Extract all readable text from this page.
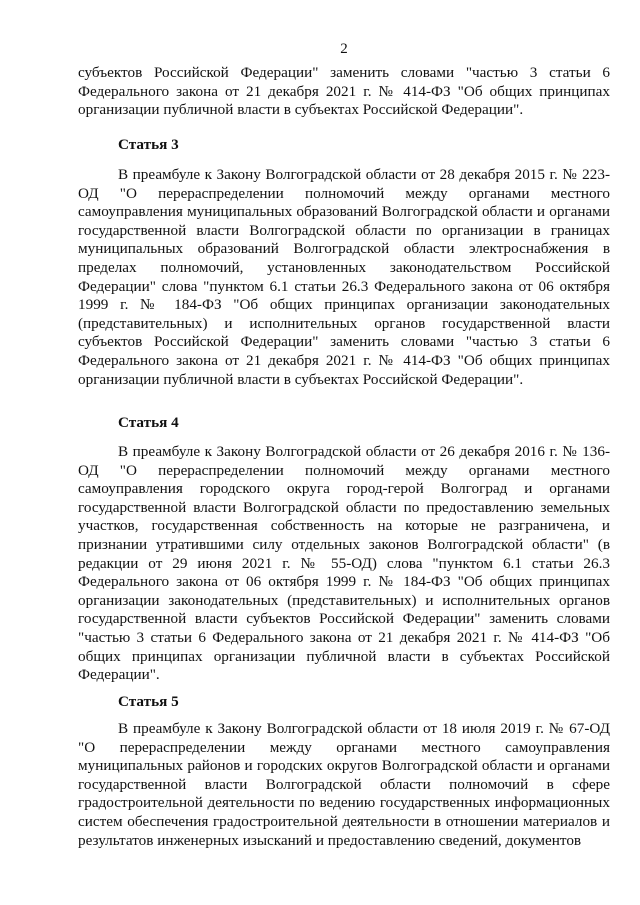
2

субъектов Российской Федерации" заменить словами "частью 3 статьи 6 Федерального закона от 21 декабря 2021 г. № 414-ФЗ "Об общих принципах организации публичной власти в субъектах Российской Федерации".

Статья 3

В преамбуле к Закону Волгоградской области от 28 декабря 2015 г. № 223-ОД "О перераспределении полномочий между органами местного самоуправления муниципальных образований Волгоградской области и органами государственной власти Волгоградской области по организации в границах муниципальных образований Волгоградской области электроснабжения в пределах полномочий, установленных законодательством Российской Федерации" слова "пунктом 6.1 статьи 26.3 Федерального закона от 06 октября 1999 г. № 184-ФЗ "Об общих принципах организации законодательных (представительных) и исполнительных органов государственной власти субъектов Российской Федерации" заменить словами "частью 3 статьи 6 Федерального закона от 21 декабря 2021 г. № 414-ФЗ "Об общих принципах организации публичной власти в субъектах Российской Федерации".

Статья 4

В преамбуле к Закону Волгоградской области от 26 декабря 2016 г. № 136-ОД "О перераспределении полномочий между органами местного самоуправления городского округа город-герой Волгоград и органами государственной власти Волгоградской области по предоставлению земельных участков, государственная собственность на которые не разграничена, и признании утратившими силу отдельных законов Волгоградской области" (в редакции от 29 июня 2021 г. № 55-ОД) слова "пунктом 6.1 статьи 26.3 Федерального закона от 06 октября 1999 г. № 184-ФЗ "Об общих принципах организации законодательных (представительных) и исполнительных органов государственной власти субъектов Российской Федерации" заменить словами "частью 3 статьи 6 Федерального закона от 21 декабря 2021 г. № 414-ФЗ "Об общих принципах организации публичной власти в субъектах Российской Федерации".

Статья 5

В преамбуле к Закону Волгоградской области от 18 июля 2019 г. № 67-ОД "О перераспределении между органами местного самоуправления муниципальных районов и городских округов Волгоградской области и органами государственной власти Волгоградской области полномочий в сфере градостроительной деятельности по ведению государственных информационных систем обеспечения градостроительной деятельности в отношении материалов и результатов инженерных изысканий и предоставлению сведений, документов
